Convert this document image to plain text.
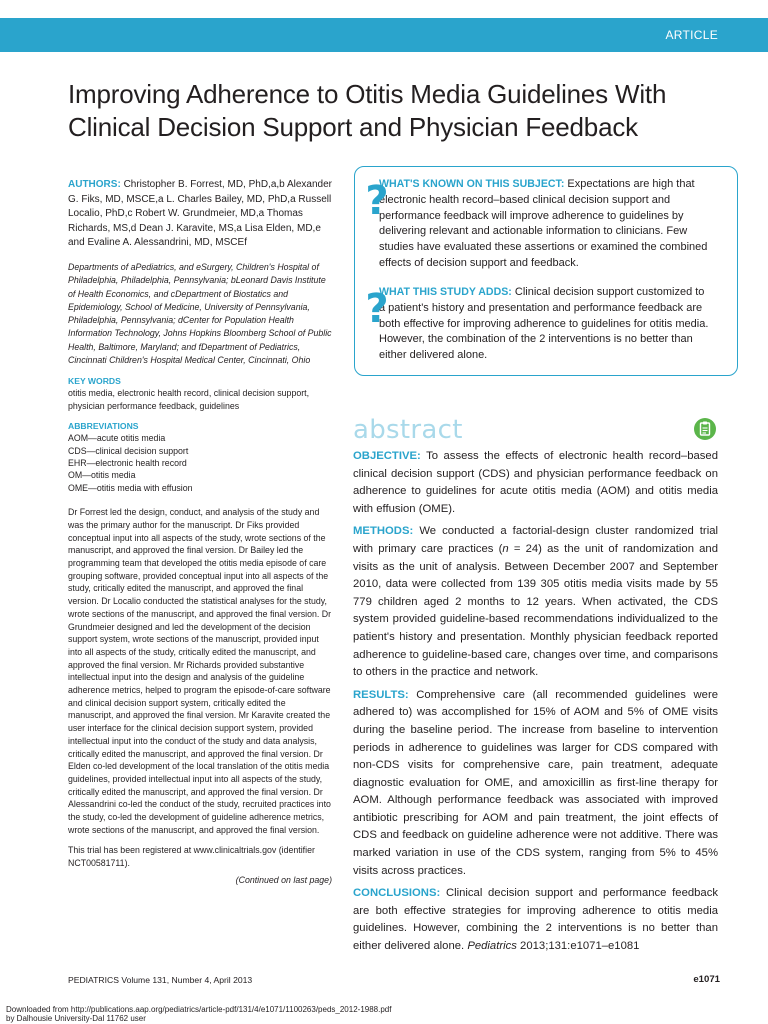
ARTICLE
Improving Adherence to Otitis Media Guidelines With Clinical Decision Support and Physician Feedback

AUTHORS: Christopher B. Forrest, MD, PhD,a,b Alexander G. Fiks, MD, MSCE,a L. Charles Bailey, MD, PhD,a Russell Localio, PhD,c Robert W. Grundmeier, MD,a Thomas Richards, MS,d Dean J. Karavite, MS,a Lisa Elden, MD,e and Evaline A. Alessandrini, MD, MSCEf

Departments of aPediatrics, and eSurgery, Children's Hospital of Philadelphia, Philadelphia, Pennsylvania; bLeonard Davis Institute of Health Economics, and cDepartment of Biostatics and Epidemiology, School of Medicine, University of Pennsylvania, Philadelphia, Pennsylvania; dCenter for Population Health Information Technology, Johns Hopkins Bloomberg School of Public Health, Baltimore, Maryland; and fDepartment of Pediatrics, Cincinnati Children's Hospital Medical Center, Cincinnati, Ohio

KEY WORDS

otitis media, electronic health record, clinical decision support, physician performance feedback, guidelines

ABBREVIATIONS

AOM—acute otitis media
CDS—clinical decision support
EHR—electronic health record
OM—otitis media
OME—otitis media with effusion

Dr Forrest led the design, conduct, and analysis of the study and was the primary author for the manuscript. Dr Fiks provided conceptual input into all aspects of the study, wrote sections of the manuscript, and approved the final version. Dr Bailey led the programming team that developed the otitis media episode of care grouping software, provided conceptual input into all aspects of the study, critically edited the manuscript, and approved the final version. Dr Localio conducted the statistical analyses for the study, wrote sections of the manuscript, and approved the final version. Dr Grundmeier designed and led the development of the decision support system, wrote sections of the manuscript, provided input into all aspects of the study, critically edited the manuscript, and approved the final version. Mr Richards provided substantive intellectual input into the design and analysis of the guideline adherence metrics, helped to program the episode-of-care software and clinical decision support system, critically edited the manuscript, and approved the final version. Mr Karavite created the user interface for the clinical decision support system, provided intellectual input into the conduct of the study and data analysis, critically edited the manuscript, and approved the final version. Dr Elden co-led development of the local translation of the otitis media guidelines, provided intellectual input into all aspects of the study, critically edited the manuscript, and approved the final version. Dr Alessandrini co-led the conduct of the study, recruited practices into the study, co-led the development of guideline adherence metrics, wrote sections of the manuscript, and approved the final version.

This trial has been registered at www.clinicaltrials.gov (identifier NCT00581711).

(Continued on last page)

?
WHAT'S KNOWN ON THIS SUBJECT: Expectations are high that electronic health record–based clinical decision support and performance feedback will improve adherence to guidelines by delivering relevant and actionable information to clinicians. Few studies have evaluated these assertions or examined the combined effects of decision support and feedback.
?
WHAT THIS STUDY ADDS: Clinical decision support customized to a patient's history and presentation and performance feedback are both effective for improving adherence to guidelines for otitis media. However, the combination of the 2 interventions is no better than either delivered alone.
abstract

OBJECTIVE: To assess the effects of electronic health record–based clinical decision support (CDS) and physician performance feedback on adherence to guidelines for acute otitis media (AOM) and otitis media with effusion (OME).

METHODS: We conducted a factorial-design cluster randomized trial with primary care practices (n = 24) as the unit of randomization and visits as the unit of analysis. Between December 2007 and September 2010, data were collected from 139 305 otitis media visits made by 55 779 children aged 2 months to 12 years. When activated, the CDS system provided guideline-based recommendations individualized to the patient's history and presentation. Monthly physician feedback reported adherence to guideline-based care, changes over time, and comparisons to others in the practice and network.

RESULTS: Comprehensive care (all recommended guidelines were adhered to) was accomplished for 15% of AOM and 5% of OME visits during the baseline period. The increase from baseline to intervention periods in adherence to guidelines was larger for CDS compared with non-CDS visits for comprehensive care, pain treatment, adequate diagnostic evaluation for OME, and amoxicillin as first-line therapy for AOM. Although performance feedback was associated with improved antibiotic prescribing for AOM and pain treatment, the joint effects of CDS and feedback on guideline adherence were not additive. There was marked variation in use of the CDS system, ranging from 5% to 45% visits across practices.

CONCLUSIONS: Clinical decision support and performance feedback are both effective strategies for improving adherence to otitis media guidelines. However, combining the 2 interventions is no better than either delivered alone. Pediatrics 2013;131:e1071–e1081

PEDIATRICS Volume 131, Number 4, April 2013	e1071
Downloaded from http://publications.aap.org/pediatrics/article-pdf/131/4/e1071/1100263/peds_2012-1988.pdf
by Dalhousie University-Dal 11762 user
